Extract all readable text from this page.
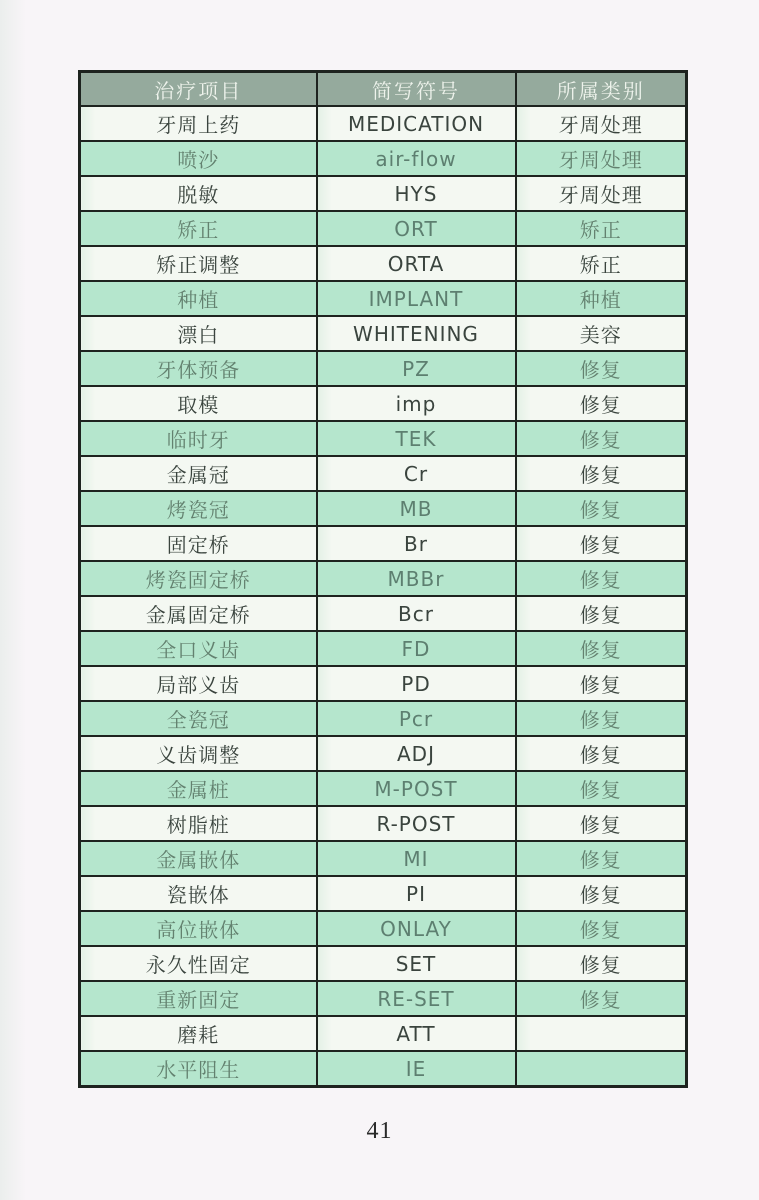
治疗项目	简写符号	所属类别
牙周上药	MEDICATION	牙周处理
喷沙	air-flow	牙周处理
脱敏	HYS	牙周处理
矫正	ORT	矫正
矫正调整	ORTA	矫正
种植	IMPLANT	种植
漂白	WHITENING	美容
牙体预备	PZ	修复
取模	imp	修复
临时牙	TEK	修复
金属冠	Cr	修复
烤瓷冠	MB	修复
固定桥	Br	修复
烤瓷固定桥	MBBr	修复
金属固定桥	Bcr	修复
全口义齿	FD	修复
局部义齿	PD	修复
全瓷冠	Pcr	修复
义齿调整	ADJ	修复
金属桩	M-POST	修复
树脂桩	R-POST	修复
金属嵌体	MI	修复
瓷嵌体	PI	修复
高位嵌体	ONLAY	修复
永久性固定	SET	修复
重新固定	RE-SET	修复
磨耗	ATT	
水平阻生	IE	
41
